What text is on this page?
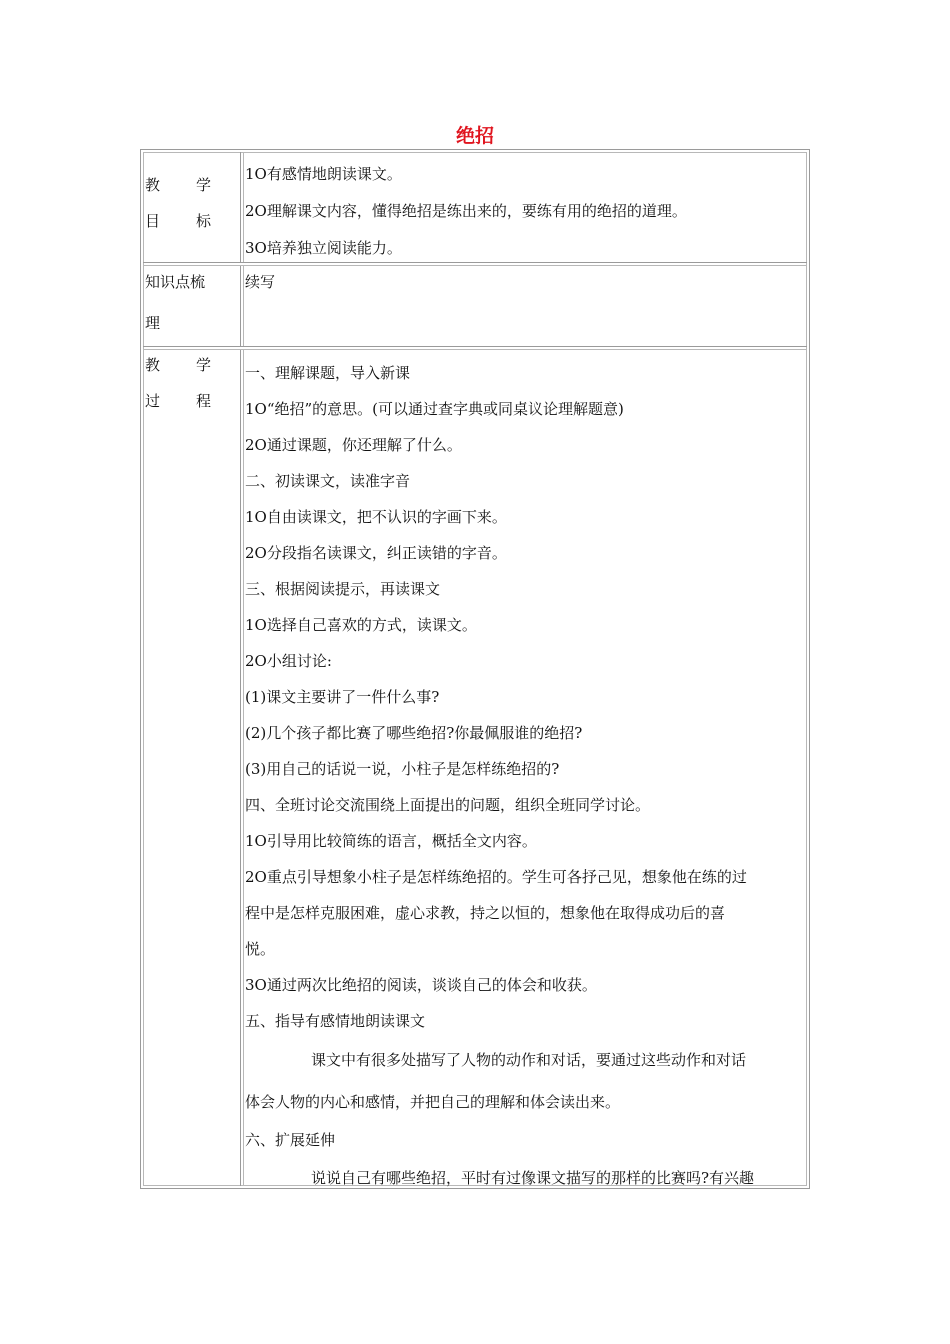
绝招
教 学
目 标
1О有感情地朗读课文。
2О理解课文内容，懂得绝招是练出来的，要练有用的绝招的道理。
3О培养独立阅读能力。
知识点梳
理
续写
教 学
过 程
一、理解课题，导入新课
1О“绝招”的意思。(可以通过查字典或同桌议论理解题意)
2О通过课题，你还理解了什么。
二、初读课文，读准字音
1О自由读课文，把不认识的字画下来。
2О分段指名读课文，纠正读错的字音。
三、根据阅读提示，再读课文
1О选择自己喜欢的方式，读课文。
2О小组讨论:
(1)课文主要讲了一件什么事?
(2)几个孩子都比赛了哪些绝招?你最佩服谁的绝招?
(3)用自己的话说一说，小柱子是怎样练绝招的?
四、全班讨论交流围绕上面提出的问题，组织全班同学讨论。
1О引导用比较简练的语言，概括全文内容。
2О重点引导想象小柱子是怎样练绝招的。学生可各抒己见，想象他在练的过
程中是怎样克服困难，虚心求教，持之以恒的，想象他在取得成功后的喜
悦。
3О通过两次比绝招的阅读，谈谈自己的体会和收获。
五、指导有感情地朗读课文
课文中有很多处描写了人物的动作和对话，要通过这些动作和对话
体会人物的内心和感情，并把自己的理解和体会读出来。
六、扩展延伸
说说自己有哪些绝招，平时有过像课文描写的那样的比赛吗?有兴趣
